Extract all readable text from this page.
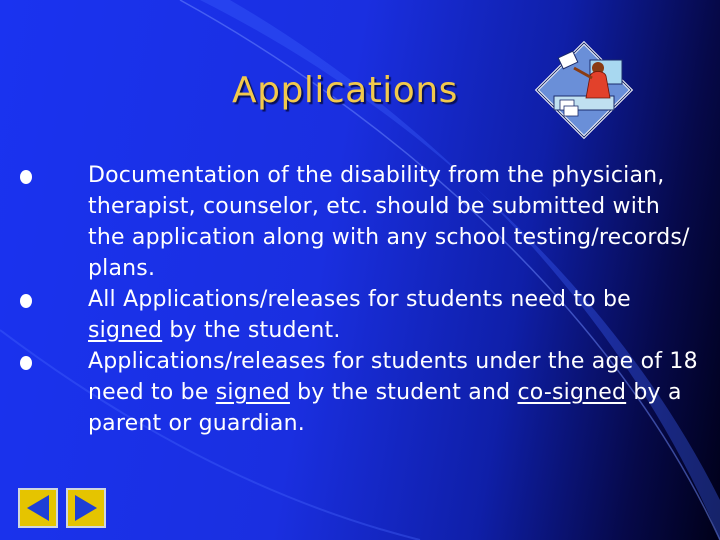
Applications
Documentation of the disability from the physician, therapist, counselor, etc. should be submitted with the application along with any school testing/records/ plans.
All Applications/releases for students need to be signed by the student.
Applications/releases for students under the age of 18 need to be signed by the student and co-signed by a parent or guardian.
